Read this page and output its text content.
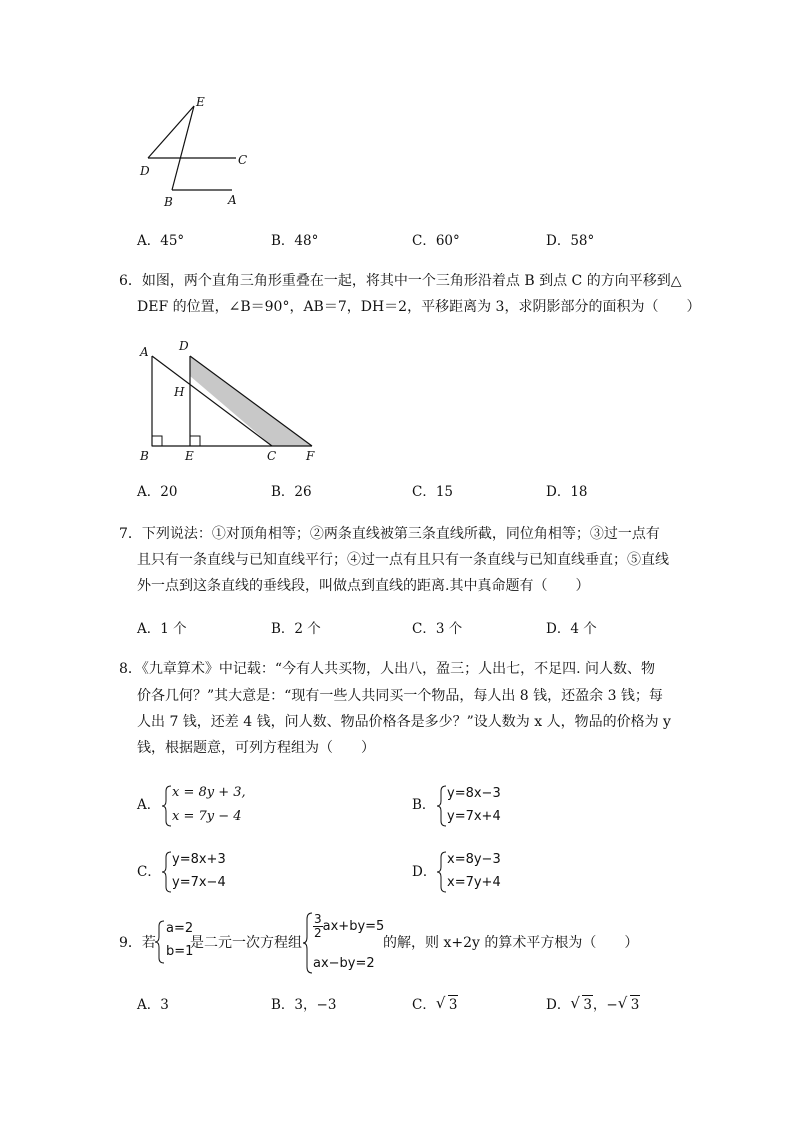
E
D
C
B	A
A．45°	B．48°	C．60°	D．58°
6．如图，两个直角三角形重叠在一起，将其中一个三角形沿着点 B 到点 C 的方向平移到△
DEF 的位置，∠B＝90°，AB＝7，DH＝2，平移距离为 3，求阴影部分的面积为（　　）
A	D
H
B	E	C F
A．20	B．26	C．15	D．18
7．下列说法：①对顶角相等；②两条直线被第三条直线所截，同位角相等；③过一点有
且只有一条直线与已知直线平行；④过一点有且只有一条直线与已知直线垂直；⑤直线
外一点到这条直线的垂线段，叫做点到直线的距离.其中真命题有（　　）
A．1 个	B．2 个	C．3 个	D．4 个
8．《九章算术》中记载：“今有人共买物，人出八，盈三；人出七，不足四. 问人数、物
价各几何？”其大意是：“现有一些人共同买一个物品，每人出 8 钱，还盈余 3 钱；每
人出 7 钱，还差 4 钱，问人数、物品价格各是多少？”设人数为 x 人，物品的价格为 y
钱，根据题意，可列方程组为（　　）
A．
x = 8y + 3,
x = 7y − 4
B．
y=8x−3
y=7x+4
C．
y=8x+3
y=7x−4
D．
x=8y−3
x=7y+4
9．若
a=2
b=1
是二元一次方程组
$\frac{3}{2}ax+by=5$
ax−by=2
的解，则 x+2y 的算术平方根为（　　）
A．3	B．3，−3	C． √ 3	D． √ 3，− √ 3
